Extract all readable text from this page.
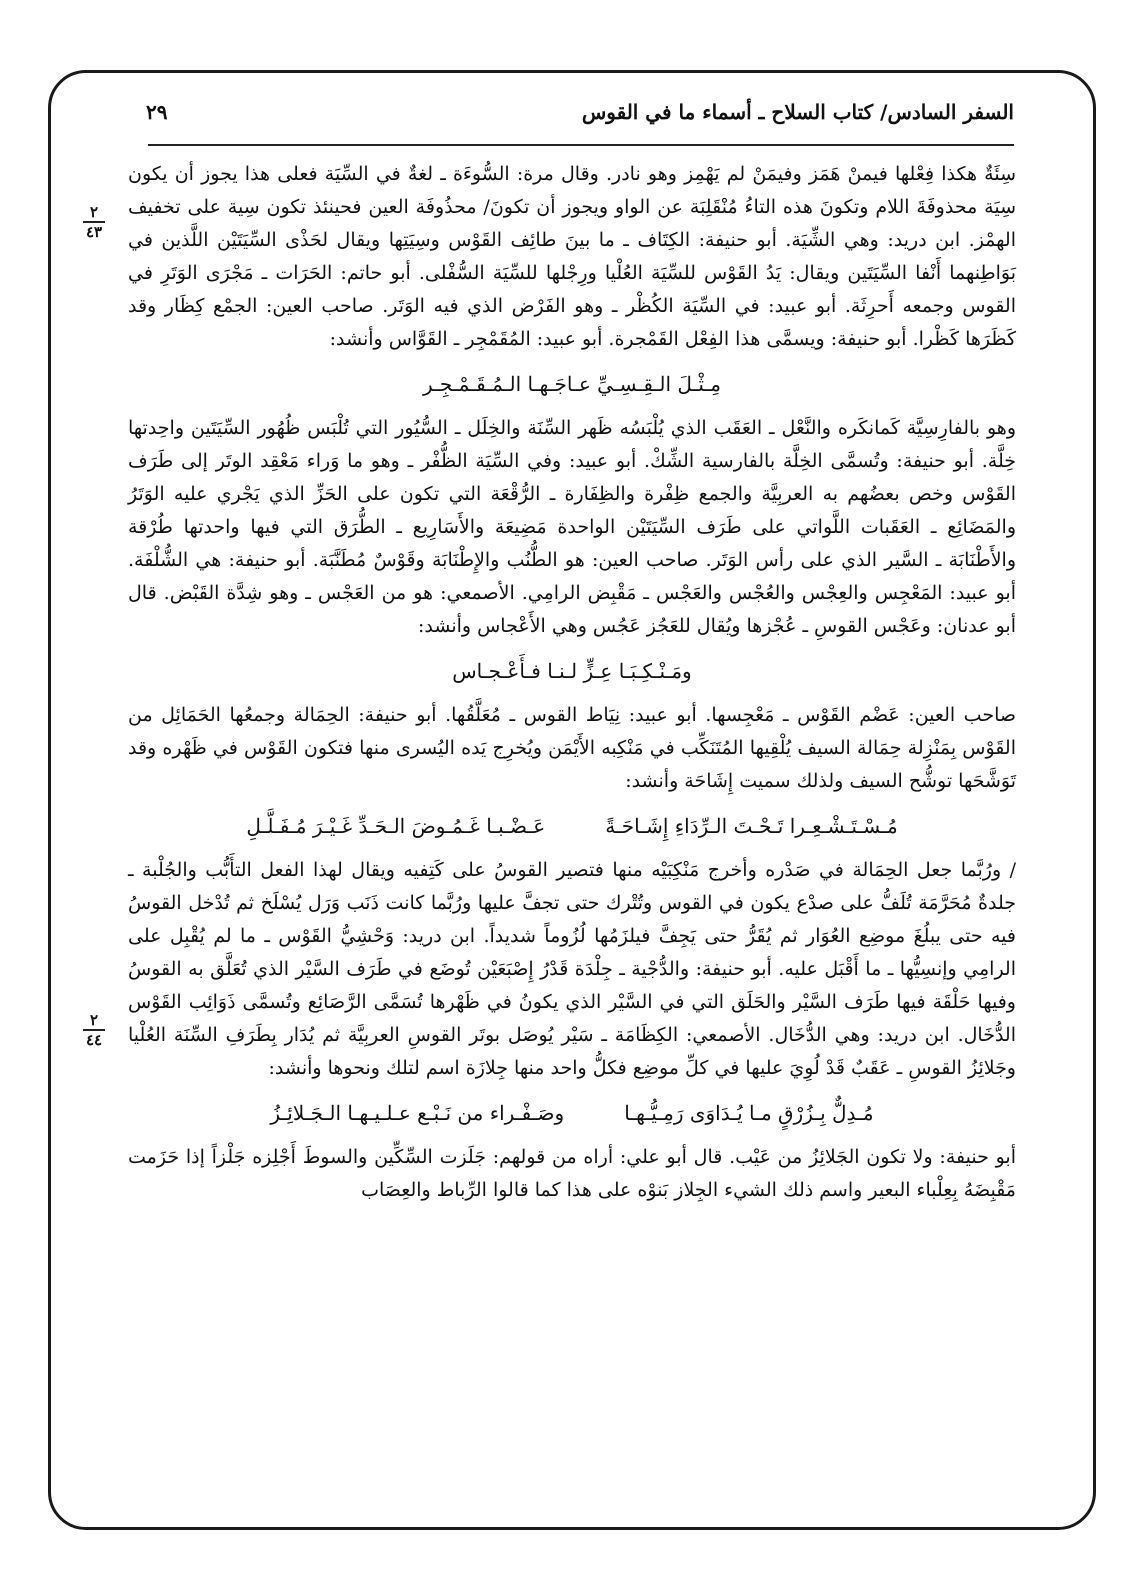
السفر السادس/ كتاب السلاح ـ أسماء ما في القوس
٢٩
٢
٤٣
٢
٤٤

سِئَةٌ هكذا فِعْلها فيمنْ هَمَز وفيمَنْ لم يَهْمِز وهو نادر. وقال مرة: السُّوءَة ـ لغةٌ في السِّيَة فعلى هذا يجوز أن يكون سِيَة محذوفَةَ اللام وتكونَ هذه التاءُ مُنْقَلِبَة عن الواو ويجوز أن تكونَ/ محذُوفَة العين فحينئذ تكون سِية على تخفيف الهمْز. ابن دريد: وهي الشِّيَة. أبو حنيفة: الكِتَاف ـ ما بينَ طائِف القَوْس وسِيَتِها ويقال لحَذْى السِّيَتَيْن اللَّذين في بَوَاطِنهما أَنْفا السِّيَتَين ويقال: يَدُ القَوْس للسِّيَة العُلْيا ورِجْلها للسِّيَة السُّفْلى. أبو حاتم: الحَرَات ـ مَجْرَى الوَتَرِ في القوس وجمعه أَحرِثَة. أبو عبيد: في السِّيَة الكُظْر ـ وهو الفَرْض الذي فيه الوَتَر. صاحب العين: الجمْع كِظَار وقد كَظَرَها كَظْرا. أبو حنيفة: ويسمَّى هذا الفِعْل القَمْجرة. أبو عبيد: المُقَمْجِر ـ القَوَّاس وأنشد:

مِـثْـلَ الـقِـسِـيِّ عـاجَـهـا الـمُـقَـمْـجِـر

وهو بالفارِسِيَّة كَمانكَره والنَّعْل ـ العَقَب الذي يُلْبَسُه ظَهر السِّنَة والخِلَل ـ السُّيُور التي تُلْبَس ظُهُور السِّيَتَين واحِدتها خِلَّة. أبو حنيفة: وتُسمَّى الخِلَّة بالفارسية الشِّكْ. أبو عبيد: وفي السِّيَة الظُّفْر ـ وهو ما وَراء مَعْقِد الوتَر إلى طَرَف القَوْس وخص بعضُهم به العربِيَّة والجمع ظِفْرة والظِفَارة ـ الرُّقْعَة التي تكون على الحَزِّ الذي يَجْري عليه الوَتَرُ والمَضَائِع ـ العَقَبات اللَّواتي على طَرَف السِّيَتَيْن الواحدة مَضِيعَة والأَسَارِيع ـ الطُّرَق التي فيها واحدتها طُرْقة والأَطْنَابَة ـ السَّير الذي على رأس الوَتَر. صاحب العين: هو الطُّنُب والإِطْنَابَة وقَوْسٌ مُطَنَّبَة. أبو حنيفة: هي الشُّلْفَة. أبو عبيد: المَعْجِس والعِجْس والعُجْس والعَجْس ـ مَقْبِض الرامِي. الأصمعي: هو من العَجْس ـ وهو شِدَّة القَبْض. قال أبو عدنان: وعَجْس القوسِ ـ عُجْزها ويُقال للعَجُز عَجُس وهي الأَعْجاس وأنشد:

ومَـنْـكِـبَـا عِـزٍّ لـنـا فـأَعْـجـاس

صاحب العين: عَضْم القَوْس ـ مَعْجِسها. أبو عبيد: نِيَاط القوس ـ مُعَلَّقُها. أبو حنيفة: الحِمَالة وجمعُها الحَمَائِل من القَوْس بِمَنْزِلة حِمَالة السيف يُلْقِيها المُتَنَكِّب في مَنْكِبه الأَيْمَن ويُخرِج يَده اليُسرى منها فتكون القَوْس في ظَهْره وقد تَوَشَّحَها توشُّح السيف ولذلك سميت إِشَاحَة وأنشد:

مُـسْـتَـشْـعِـرا تَـحْـتَ الـرِّدَاءِ إِشَـاحَـةً
عَـضْـبـا غَـمُـوضَ الـحَـدِّ غَـيْـرَ مُـفَـلَّـلِ

/ ورُبَّما جعل الحِمَالة في صَدْره وأخرج مَنْكِبَيْه منها فتصير القوسُ على كَتِفيه ويقال لهذا الفعل التأَبُّب والجُلْبة ـ جلدةٌ مُحَرَّمَة تُلَفُّ على صدْع يكون في القوس وتُتْرك حتى تجفَّ عليها ورُبَّما كانت ذَنَب وَرَل يُسْلَخ ثم تُدْخل القوسُ فيه حتى يبلُغَ موضِع العُوَار ثم يُقَرُّ حتى يَجِفَّ فيلزَمُها لُزُوماً شديداً. ابن دريد: وَحْشِيُّ القَوْس ـ ما لم يُقْبِل على الرامِي وإنسِيُّها ـ ما أَقْبَل عليه. أبو حنيفة: والدُّجْية ـ جِلْدَة قَدْرُ إِصْبَعَيْن تُوضَع في طَرَف السَّيْر الذي تُعَلَّق به القوسُ وفيها حَلْقَة فيها طَرَف السَّيْر والحَلَق التي في السَّيْر الذي يكونُ في ظَهْرها تُسَمَّى الرَّصَائِع وتُسمَّى ذَوَائِب القَوْس الدُّخَال. ابن دريد: وهي الدُّخَال. الأصمعي: الكِظَامَة ـ سَيْر يُوصَل بوتَر القوسِ العربِيَّة ثم يُدَار بِطَرَفِ السِّنَة العُلْيا وجَلائِزُ القوسِ ـ عَقَبٌ قَدْ لُوِيَ عليها في كلِّ موضِع فكلُّ واحد منها جِلازَة اسم لتلك ونحوها وأنشد:

مُـدِلٌّ بِـزُرْقٍ مـا يُـدَاوَى رَمِـيُّـهـا
وصَـفْـراء من نَـبْـع عـلـيـهـا الـجَـلائِـزُ

أبو حنيفة: ولا تكون الجَلائِزُ من عَيْب. قال أبو علي: أراه من قولهم: جَلَزت السِّكِّين والسوطَ أَجْلِزه جَلْزاً إذا حَزَمت مَقْبِضَهُ بِعِلْباء البعير واسم ذلك الشيء الجِلاز بَنوْه على هذا كما قالوا الرِّباط والعِصَاب
